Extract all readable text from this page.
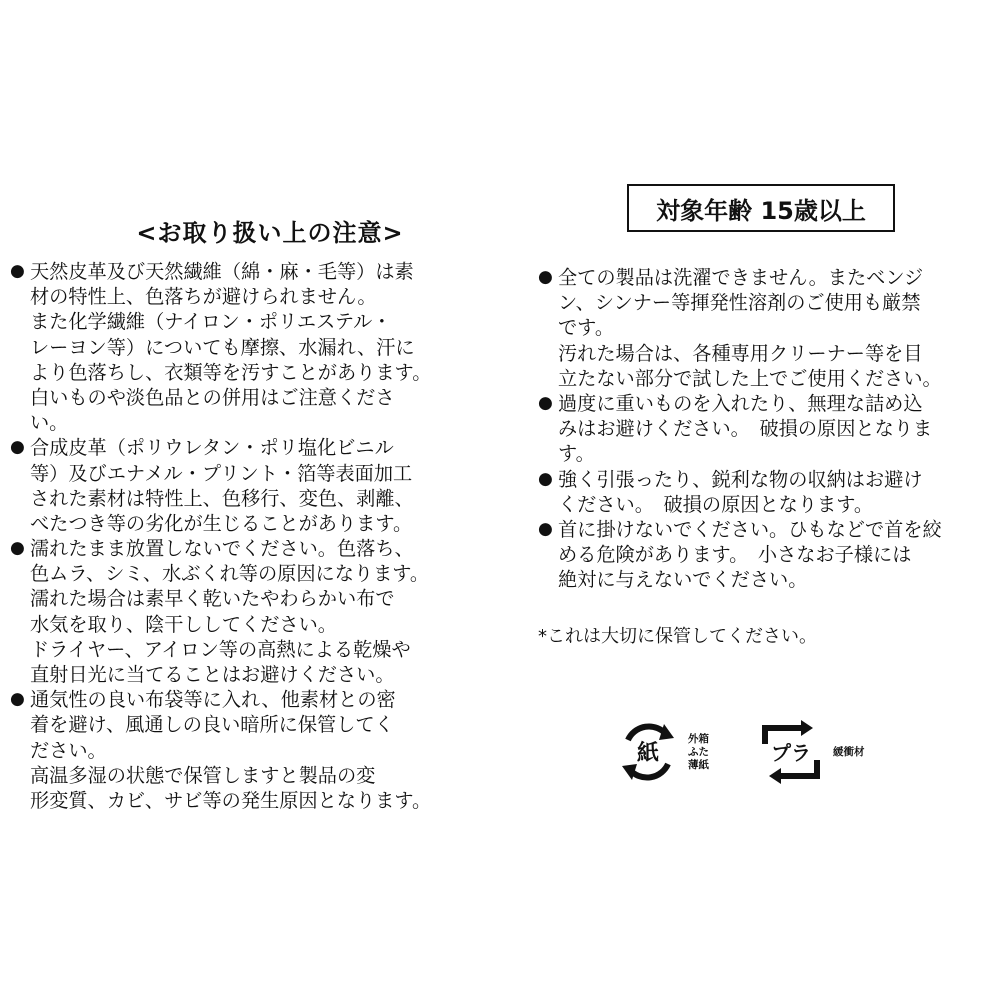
<お取り扱い上の注意>
対象年齢 15歳以上
● 天然皮革及び天然繊維（綿・麻・毛等）は素
材の特性上、色落ちが避けられません。
また化学繊維（ナイロン・ポリエステル・
レーヨン等）についても摩擦、水漏れ、汗に
より色落ちし、衣類等を汚すことがあります。
白いものや淡色品との併用はご注意くださ
い。
● 合成皮革（ポリウレタン・ポリ塩化ビニル
等）及びエナメル・プリント・箔等表面加工
された素材は特性上、色移行、変色、剥離、
べたつき等の劣化が生じることがあります。
● 濡れたまま放置しないでください。色落ち、
色ムラ、シミ、水ぶくれ等の原因になります。
濡れた場合は素早く乾いたやわらかい布で
水気を取り、陰干ししてください。
ドライヤー、アイロン等の高熱による乾燥や
直射日光に当てることはお避けください。
● 通気性の良い布袋等に入れ、他素材との密
着を避け、風通しの良い暗所に保管してく
ださい。
高温多湿の状態で保管しますと製品の変
形変質、カビ、サビ等の発生原因となります。
● 全ての製品は洗濯できません。またベンジ
ン、シンナー等揮発性溶剤のご使用も厳禁
です。
汚れた場合は、各種専用クリーナー等を目
立たない部分で試した上でご使用ください。
● 過度に重いものを入れたり、無理な詰め込
みはお避けください。　破損の原因となりま
す。
● 強く引張ったり、鋭利な物の収納はお避け
ください。　破損の原因となります。
● 首に掛けないでください。ひもなどで首を絞
める危険があります。　小さなお子様には
絶対に与えないでください。
*これは大切に保管してください。
紙
外箱
ふた
薄紙	プラ 緩衝材
